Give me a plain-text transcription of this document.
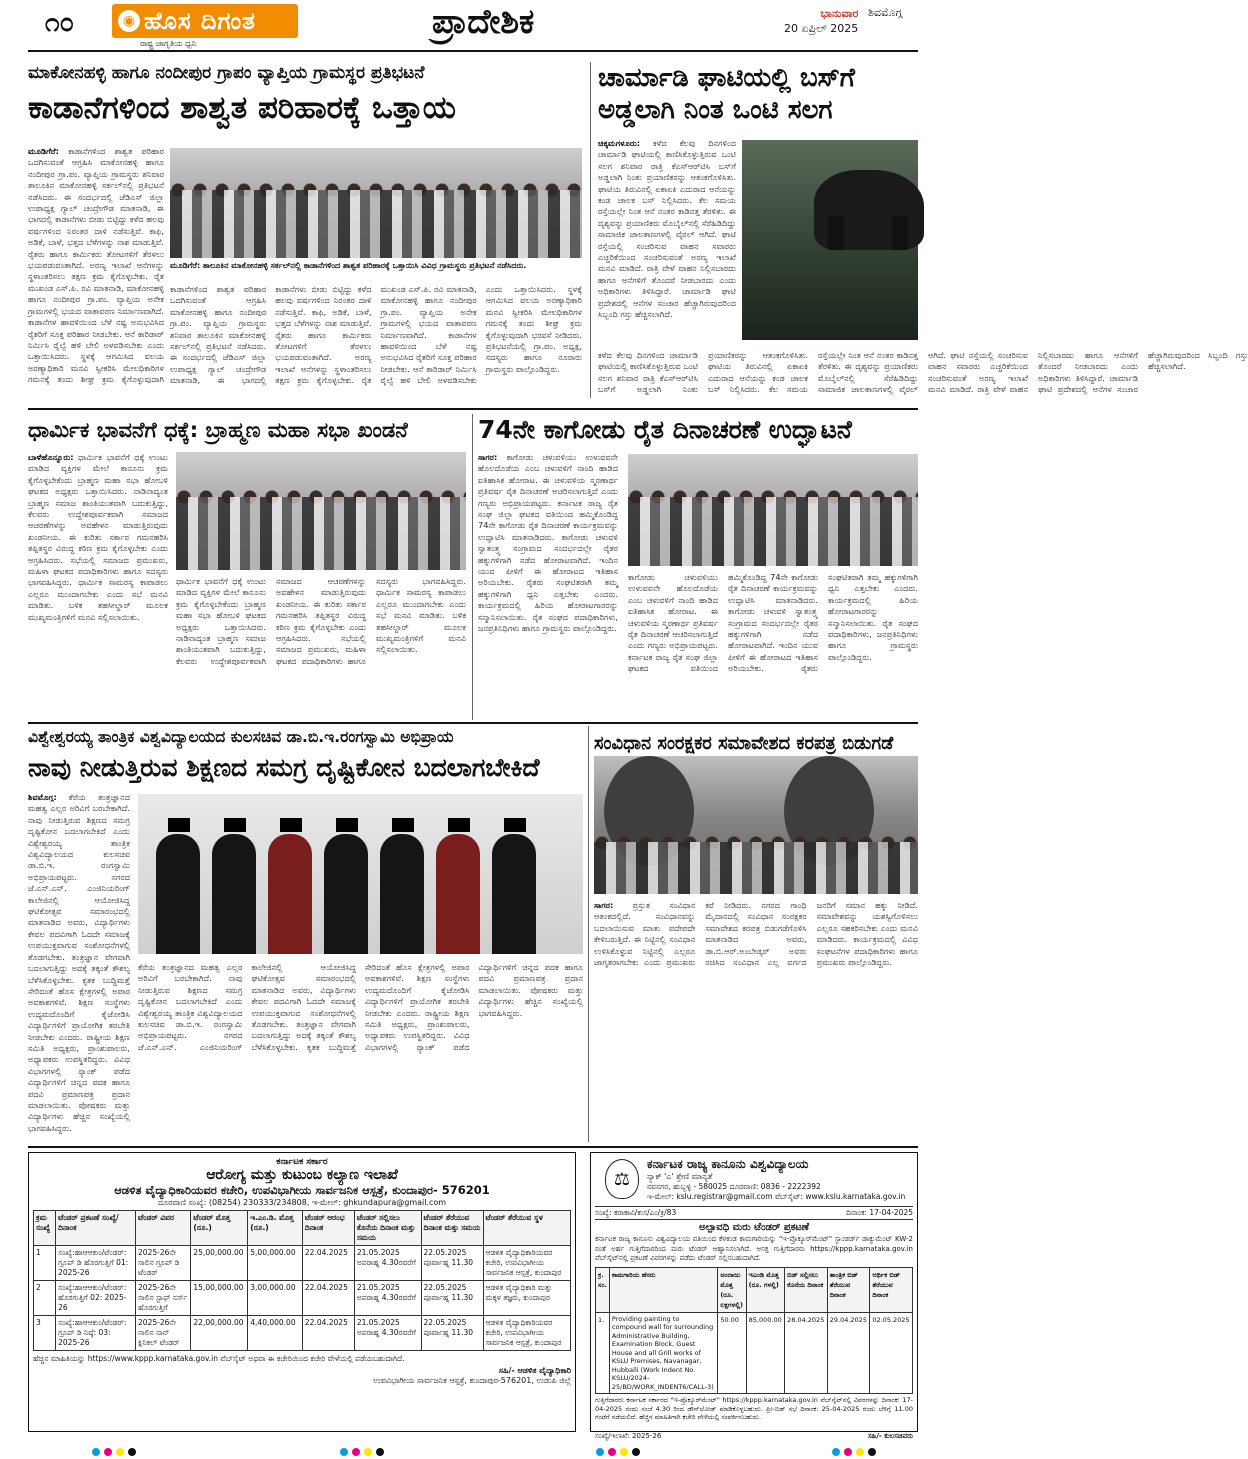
೧೦	◉ ಹೊಸ ದಿಗಂತ
ರಾಷ್ಟ್ರ ಜಾಗೃತಿಯ ಧ್ವನಿ
ಪ್ರಾದೇಶಿಕ	ಭಾನುವಾರ
20 ಏಪ್ರಿಲ್ 2025
ಶಿವಮೊಗ್ಗ
ಮಾಕೋನಹಳ್ಳಿ ಹಾಗೂ ನಂದೀಪುರ ಗ್ರಾಪಂ ವ್ಯಾಪ್ತಿಯ ಗ್ರಾಮಸ್ಥರ ಪ್ರತಿಭಟನೆ
ಕಾಡಾನೆಗಳಿಂದ ಶಾಶ್ವತ ಪರಿಹಾರಕ್ಕೆ ಒತ್ತಾಯ
ಮೂಡಿಗೆರೆ: ಕಾಡಾನೆಗಳಿಂದ ಶಾಶ್ವತ ಪರಿಹಾರ ಒದಗಿಸುವಂತೆ ಆಗ್ರಹಿಸಿ ಮಾಕೋನಹಳ್ಳಿ ಹಾಗೂ ನಂದೀಪುರ ಗ್ರಾ.ಪಂ. ವ್ಯಾಪ್ತಿಯ ಗ್ರಾಮಸ್ಥರು ಶನಿವಾರ ತಾಲೂಕಿನ ಮಾಕೋನಹಳ್ಳಿ ಸರ್ಕಲ್‌ನಲ್ಲಿ ಪ್ರತಿಭಟನೆ ನಡೆಸಿದರು. ಈ ಸಂದರ್ಭದಲ್ಲಿ ಜೆಡಿಎಸ್ ಜಿಲ್ಲಾ ಉಪಾಧ್ಯಕ್ಷ ಗ್ಯಾಲ್ ಚಂದ್ರೇಗೌಡ ಮಾತನಾಡಿ, ಈ ಭಾಗದಲ್ಲಿ ಕಾಡಾನೆಗಳು ಬೀಡು ಬಿಟ್ಟಿದ್ದು ಕಳೆದ ಹಲವು ವರ್ಷಗಳಿಂದ ನಿರಂತರ ದಾಳಿ ನಡೆಸುತ್ತಿವೆ. ಕಾಫಿ, ಅಡಿಕೆ, ಬಾಳೆ, ಭತ್ತದ ಬೆಳೆಗಳನ್ನು ನಾಶ ಮಾಡುತ್ತಿವೆ. ರೈತರು ಹಾಗೂ ಕಾರ್ಮಿಕರು ತೋಟಗಳಿಗೆ ತೆರಳಲು ಭಯಪಡುವಂತಾಗಿದೆ. ಅರಣ್ಯ ಇಲಾಖೆ ಆನೆಗಳನ್ನು ಸ್ಥಳಾಂತರಿಸಲು ತಕ್ಷಣ ಕ್ರಮ ಕೈಗೊಳ್ಳಬೇಕು. ರೈತ ಮುಖಂಡ ಎಸ್.ಪಿ. ರವಿ ಮಾತನಾಡಿ, ಮಾಕೋನಹಳ್ಳಿ ಹಾಗೂ ನಂದೀಪುರ ಗ್ರಾ.ಪಂ. ವ್ಯಾಪ್ತಿಯ ಅನೇಕ ಗ್ರಾಮಗಳಲ್ಲಿ ಭಯದ ವಾತಾವರಣ ನಿರ್ಮಾಣವಾಗಿದೆ. ಕಾಡಾನೆಗಳ ಹಾವಳಿಯಿಂದ ಬೆಳೆ ನಷ್ಟ ಅನುಭವಿಸಿದ ರೈತರಿಗೆ ಸೂಕ್ತ ಪರಿಹಾರ ನೀಡಬೇಕು. ಆನೆ ಕಾರಿಡಾರ್ ನಿರ್ಮಿಸಿ ರೈಲ್ವೆ ಹಳಿ ಬೇಲಿ ಅಳವಡಿಸಬೇಕು ಎಂದು ಒತ್ತಾಯಿಸಿದರು. ಸ್ಥಳಕ್ಕೆ ಆಗಮಿಸಿದ ವಲಯ ಅರಣ್ಯಾಧಿಕಾರಿ ಮನವಿ ಸ್ವೀಕರಿಸಿ ಮೇಲಧಿಕಾರಿಗಳ ಗಮನಕ್ಕೆ ತಂದು ಶೀಘ್ರ ಕ್ರಮ ಕೈಗೊಳ್ಳುವುದಾಗಿ
ಮೂಡಿಗೆರೆ: ತಾಲೂಕಿನ ಮಾಕೋನಹಳ್ಳಿ ಸರ್ಕಲ್‌ನಲ್ಲಿ ಕಾಡಾನೆಗಳಿಂದ ಶಾಶ್ವತ ಪರಿಹಾರಕ್ಕೆ ಒತ್ತಾಯಿಸಿ ವಿವಿಧ ಗ್ರಾಮಸ್ಥರು ಪ್ರತಿಭಟನೆ ನಡೆಸಿದರು.
ಕಾಡಾನೆಗಳಿಂದ ಶಾಶ್ವತ ಪರಿಹಾರ ಒದಗಿಸುವಂತೆ ಆಗ್ರಹಿಸಿ ಮಾಕೋನಹಳ್ಳಿ ಹಾಗೂ ನಂದೀಪುರ ಗ್ರಾ.ಪಂ. ವ್ಯಾಪ್ತಿಯ ಗ್ರಾಮಸ್ಥರು ಶನಿವಾರ ತಾಲೂಕಿನ ಮಾಕೋನಹಳ್ಳಿ ಸರ್ಕಲ್‌ನಲ್ಲಿ ಪ್ರತಿಭಟನೆ ನಡೆಸಿದರು. ಈ ಸಂದರ್ಭದಲ್ಲಿ ಜೆಡಿಎಸ್ ಜಿಲ್ಲಾ ಉಪಾಧ್ಯಕ್ಷ ಗ್ಯಾಲ್ ಚಂದ್ರೇಗೌಡ ಮಾತನಾಡಿ, ಈ ಭಾಗದಲ್ಲಿ ಕಾಡಾನೆಗಳು ಬೀಡು ಬಿಟ್ಟಿದ್ದು ಕಳೆದ ಹಲವು ವರ್ಷಗಳಿಂದ ನಿರಂತರ ದಾಳಿ ನಡೆಸುತ್ತಿವೆ. ಕಾಫಿ, ಅಡಿಕೆ, ಬಾಳೆ, ಭತ್ತದ ಬೆಳೆಗಳನ್ನು ನಾಶ ಮಾಡುತ್ತಿವೆ. ರೈತರು ಹಾಗೂ ಕಾರ್ಮಿಕರು ತೋಟಗಳಿಗೆ ತೆರಳಲು ಭಯಪಡುವಂತಾಗಿದೆ. ಅರಣ್ಯ ಇಲಾಖೆ ಆನೆಗಳನ್ನು ಸ್ಥಳಾಂತರಿಸಲು ತಕ್ಷಣ ಕ್ರಮ ಕೈಗೊಳ್ಳಬೇಕು. ರೈತ ಮುಖಂಡ ಎಸ್.ಪಿ. ರವಿ ಮಾತನಾಡಿ, ಮಾಕೋನಹಳ್ಳಿ ಹಾಗೂ ನಂದೀಪುರ ಗ್ರಾ.ಪಂ. ವ್ಯಾಪ್ತಿಯ ಅನೇಕ ಗ್ರಾಮಗಳಲ್ಲಿ ಭಯದ ವಾತಾವರಣ ನಿರ್ಮಾಣವಾಗಿದೆ. ಕಾಡಾನೆಗಳ ಹಾವಳಿಯಿಂದ ಬೆಳೆ ನಷ್ಟ ಅನುಭವಿಸಿದ ರೈತರಿಗೆ ಸೂಕ್ತ ಪರಿಹಾರ ನೀಡಬೇಕು. ಆನೆ ಕಾರಿಡಾರ್ ನಿರ್ಮಿಸಿ ರೈಲ್ವೆ ಹಳಿ ಬೇಲಿ ಅಳವಡಿಸಬೇಕು ಎಂದು ಒತ್ತಾಯಿಸಿದರು. ಸ್ಥಳಕ್ಕೆ ಆಗಮಿಸಿದ ವಲಯ ಅರಣ್ಯಾಧಿಕಾರಿ ಮನವಿ ಸ್ವೀಕರಿಸಿ ಮೇಲಧಿಕಾರಿಗಳ ಗಮನಕ್ಕೆ ತಂದು ಶೀಘ್ರ ಕ್ರಮ ಕೈಗೊಳ್ಳುವುದಾಗಿ ಭರವಸೆ ನೀಡಿದರು. ಪ್ರತಿಭಟನೆಯಲ್ಲಿ ಗ್ರಾ.ಪಂ. ಅಧ್ಯಕ್ಷ, ಸದಸ್ಯರು ಹಾಗೂ ನೂರಾರು ಗ್ರಾಮಸ್ಥರು ಪಾಲ್ಗೊಂಡಿದ್ದರು.
ಚಾರ್ಮಾಡಿ ಘಾಟಿಯಲ್ಲಿ ಬಸ್‌ಗೆ
ಅಡ್ಡಲಾಗಿ ನಿಂತ ಒಂಟಿ ಸಲಗ
ಚಿಕ್ಕಮಗಳೂರು: ಕಳೆದ ಕೆಲವು ದಿನಗಳಿಂದ ಚಾರ್ಮಾಡಿ ಘಾಟಿಯಲ್ಲಿ ಕಾಣಿಸಿಕೊಳ್ಳುತ್ತಿರುವ ಒಂಟಿ ಸಲಗ ಶನಿವಾರ ರಾತ್ರಿ ಕೆಎಸ್‌ಆರ್‌ಟಿಸಿ ಬಸ್‌ಗೆ ಅಡ್ಡಲಾಗಿ ನಿಂತು ಪ್ರಯಾಣಿಕರನ್ನು ಆತಂಕಗೊಳಿಸಿತು. ಘಾಟಿಯ ತಿರುವಿನಲ್ಲಿ ಏಕಾಏಕಿ ಎದುರಾದ ಆನೆಯನ್ನು ಕಂಡ ಚಾಲಕ ಬಸ್ ನಿಲ್ಲಿಸಿದರು. ಕೆಲ ಸಮಯ ರಸ್ತೆಯಲ್ಲೇ ನಿಂತ ಆನೆ ನಂತರ ಕಾಡಿನತ್ತ ತೆರಳಿತು. ಈ ದೃಶ್ಯವನ್ನು ಪ್ರಯಾಣಿಕರು ಮೊಬೈಲ್‌ನಲ್ಲಿ ಸೆರೆಹಿಡಿದಿದ್ದು ಸಾಮಾಜಿಕ ಜಾಲತಾಣಗಳಲ್ಲಿ ವೈರಲ್ ಆಗಿದೆ. ಘಾಟಿ ರಸ್ತೆಯಲ್ಲಿ ಸಂಚರಿಸುವ ವಾಹನ ಸವಾರರು ಎಚ್ಚರಿಕೆಯಿಂದ ಸಂಚರಿಸುವಂತೆ ಅರಣ್ಯ ಇಲಾಖೆ ಮನವಿ ಮಾಡಿದೆ. ರಾತ್ರಿ ವೇಳೆ ವಾಹನ ನಿಲ್ಲಿಸಬಾರದು ಹಾಗೂ ಆನೆಗಳಿಗೆ ತೊಂದರೆ ನೀಡಬಾರದು ಎಂದು ಅಧಿಕಾರಿಗಳು ತಿಳಿಸಿದ್ದಾರೆ. ಚಾರ್ಮಾಡಿ ಘಾಟಿ ಪ್ರದೇಶದಲ್ಲಿ ಆನೆಗಳ ಸಂಚಾರ ಹೆಚ್ಚಾಗಿರುವುದರಿಂದ ಸಿಬ್ಬಂದಿ ಗಸ್ತು ಹೆಚ್ಚಿಸಲಾಗಿದೆ.
ಕಳೆದ ಕೆಲವು ದಿನಗಳಿಂದ ಚಾರ್ಮಾಡಿ ಘಾಟಿಯಲ್ಲಿ ಕಾಣಿಸಿಕೊಳ್ಳುತ್ತಿರುವ ಒಂಟಿ ಸಲಗ ಶನಿವಾರ ರಾತ್ರಿ ಕೆಎಸ್‌ಆರ್‌ಟಿಸಿ ಬಸ್‌ಗೆ ಅಡ್ಡಲಾಗಿ ನಿಂತು ಪ್ರಯಾಣಿಕರನ್ನು ಆತಂಕಗೊಳಿಸಿತು. ಘಾಟಿಯ ತಿರುವಿನಲ್ಲಿ ಏಕಾಏಕಿ ಎದುರಾದ ಆನೆಯನ್ನು ಕಂಡ ಚಾಲಕ ಬಸ್ ನಿಲ್ಲಿಸಿದರು. ಕೆಲ ಸಮಯ ರಸ್ತೆಯಲ್ಲೇ ನಿಂತ ಆನೆ ನಂತರ ಕಾಡಿನತ್ತ ತೆರಳಿತು. ಈ ದೃಶ್ಯವನ್ನು ಪ್ರಯಾಣಿಕರು ಮೊಬೈಲ್‌ನಲ್ಲಿ ಸೆರೆಹಿಡಿದಿದ್ದು ಸಾಮಾಜಿಕ ಜಾಲತಾಣಗಳಲ್ಲಿ ವೈರಲ್ ಆಗಿದೆ. ಘಾಟಿ ರಸ್ತೆಯಲ್ಲಿ ಸಂಚರಿಸುವ ವಾಹನ ಸವಾರರು ಎಚ್ಚರಿಕೆಯಿಂದ ಸಂಚರಿಸುವಂತೆ ಅರಣ್ಯ ಇಲಾಖೆ ಮನವಿ ಮಾಡಿದೆ. ರಾತ್ರಿ ವೇಳೆ ವಾಹನ ನಿಲ್ಲಿಸಬಾರದು ಹಾಗೂ ಆನೆಗಳಿಗೆ ತೊಂದರೆ ನೀಡಬಾರದು ಎಂದು ಅಧಿಕಾರಿಗಳು ತಿಳಿಸಿದ್ದಾರೆ. ಚಾರ್ಮಾಡಿ ಘಾಟಿ ಪ್ರದೇಶದಲ್ಲಿ ಆನೆಗಳ ಸಂಚಾರ ಹೆಚ್ಚಾಗಿರುವುದರಿಂದ ಸಿಬ್ಬಂದಿ ಗಸ್ತು ಹೆಚ್ಚಿಸಲಾಗಿದೆ.
ಧಾರ್ಮಿಕ ಭಾವನೆಗೆ ಧಕ್ಕೆ: ಬ್ರಾಹ್ಮಣ ಮಹಾ ಸಭಾ ಖಂಡನೆ
ಬಾಳೆಹೊನ್ನೂರು: ಧಾರ್ಮಿಕ ಭಾವನೆಗೆ ಧಕ್ಕೆ ಉಂಟು ಮಾಡಿದ ವ್ಯಕ್ತಿಗಳ ಮೇಲೆ ಕಾನೂನು ಕ್ರಮ ಕೈಗೊಳ್ಳಬೇಕೆಂದು ಬ್ರಾಹ್ಮಣ ಮಹಾ ಸಭಾ ಹೋಬಳಿ ಘಟಕದ ಅಧ್ಯಕ್ಷರು ಒತ್ತಾಯಿಸಿದರು. ನಾಡಿನಾದ್ಯಂತ ಬ್ರಾಹ್ಮಣ ಸಮಾಜ ಶಾಂತಿಯುತವಾಗಿ ಬದುಕುತ್ತಿದ್ದು, ಕೆಲವರು ಉದ್ದೇಶಪೂರ್ವಕವಾಗಿ ಸಮಾಜದ ಆಚರಣೆಗಳನ್ನು ಅವಹೇಳನ ಮಾಡುತ್ತಿರುವುದು ಖಂಡನೀಯ. ಈ ಕುರಿತು ಸರ್ಕಾರ ಗಮನಹರಿಸಿ ತಪ್ಪಿತಸ್ಥರ ವಿರುದ್ಧ ಕಠಿಣ ಕ್ರಮ ಕೈಗೊಳ್ಳಬೇಕು ಎಂದು ಆಗ್ರಹಿಸಿದರು. ಸಭೆಯಲ್ಲಿ ಸಮಾಜದ ಪ್ರಮುಖರು, ಮಹಿಳಾ ಘಟಕದ ಪದಾಧಿಕಾರಿಗಳು ಹಾಗೂ ಸದಸ್ಯರು ಭಾಗವಹಿಸಿದ್ದರು. ಧಾರ್ಮಿಕ ಸಾಮರಸ್ಯ ಕಾಪಾಡಲು ಎಲ್ಲರೂ ಮುಂದಾಗಬೇಕು ಎಂದು ಸಭೆ ಮನವಿ ಮಾಡಿತು. ಬಳಿಕ ತಹಸೀಲ್ದಾರ್ ಮೂಲಕ ಮುಖ್ಯಮಂತ್ರಿಗಳಿಗೆ ಮನವಿ ಸಲ್ಲಿಸಲಾಯಿತು.
ಧಾರ್ಮಿಕ ಭಾವನೆಗೆ ಧಕ್ಕೆ ಉಂಟು ಮಾಡಿದ ವ್ಯಕ್ತಿಗಳ ಮೇಲೆ ಕಾನೂನು ಕ್ರಮ ಕೈಗೊಳ್ಳಬೇಕೆಂದು ಬ್ರಾಹ್ಮಣ ಮಹಾ ಸಭಾ ಹೋಬಳಿ ಘಟಕದ ಅಧ್ಯಕ್ಷರು ಒತ್ತಾಯಿಸಿದರು. ನಾಡಿನಾದ್ಯಂತ ಬ್ರಾಹ್ಮಣ ಸಮಾಜ ಶಾಂತಿಯುತವಾಗಿ ಬದುಕುತ್ತಿದ್ದು, ಕೆಲವರು ಉದ್ದೇಶಪೂರ್ವಕವಾಗಿ ಸಮಾಜದ ಆಚರಣೆಗಳನ್ನು ಅವಹೇಳನ ಮಾಡುತ್ತಿರುವುದು ಖಂಡನೀಯ. ಈ ಕುರಿತು ಸರ್ಕಾರ ಗಮನಹರಿಸಿ ತಪ್ಪಿತಸ್ಥರ ವಿರುದ್ಧ ಕಠಿಣ ಕ್ರಮ ಕೈಗೊಳ್ಳಬೇಕು ಎಂದು ಆಗ್ರಹಿಸಿದರು. ಸಭೆಯಲ್ಲಿ ಸಮಾಜದ ಪ್ರಮುಖರು, ಮಹಿಳಾ ಘಟಕದ ಪದಾಧಿಕಾರಿಗಳು ಹಾಗೂ ಸದಸ್ಯರು ಭಾಗವಹಿಸಿದ್ದರು. ಧಾರ್ಮಿಕ ಸಾಮರಸ್ಯ ಕಾಪಾಡಲು ಎಲ್ಲರೂ ಮುಂದಾಗಬೇಕು ಎಂದು ಸಭೆ ಮನವಿ ಮಾಡಿತು. ಬಳಿಕ ತಹಸೀಲ್ದಾರ್ ಮೂಲಕ ಮುಖ್ಯಮಂತ್ರಿಗಳಿಗೆ ಮನವಿ ಸಲ್ಲಿಸಲಾಯಿತು.
74ನೇ ಕಾಗೋಡು ರೈತ ದಿನಾಚರಣೆ ಉದ್ಘಾಟನೆ
ಸಾಗರ: ಕಾಗೋಡು ಚಳುವಳಿಯು ಉಳುವವನೇ ಹೊಲದೊಡೆಯ ಎಂಬ ಚಳುವಳಿಗೆ ನಾಂದಿ ಹಾಡಿದ ಐತಿಹಾಸಿಕ ಹೋರಾಟ. ಈ ಚಳುವಳಿಯ ಸ್ಮರಣಾರ್ಥ ಪ್ರತಿವರ್ಷ ರೈತ ದಿನಾಚರಣೆ ಆಚರಿಸಲಾಗುತ್ತಿದೆ ಎಂದು ಗಣ್ಯರು ಅಭಿಪ್ರಾಯಪಟ್ಟರು. ಕರ್ನಾಟಕ ರಾಜ್ಯ ರೈತ ಸಂಘ ಜಿಲ್ಲಾ ಘಟಕದ ವತಿಯಿಂದ ಹಮ್ಮಿಕೊಂಡಿದ್ದ 74ನೇ ಕಾಗೋಡು ರೈತ ದಿನಾಚರಣೆ ಕಾರ್ಯಕ್ರಮವನ್ನು ಉದ್ಘಾಟಿಸಿ ಮಾತನಾಡಿದರು. ಕಾಗೋಡು ಚಳುವಳಿ ಸ್ವಾತಂತ್ರ್ಯ ಸಂಗ್ರಾಮದ ಸಂದರ್ಭದಲ್ಲೇ ರೈತರ ಹಕ್ಕುಗಳಿಗಾಗಿ ನಡೆದ ಹೋರಾಟವಾಗಿದೆ. ಇಂದಿನ ಯುವ ಪೀಳಿಗೆ ಈ ಹೋರಾಟದ ಇತಿಹಾಸ ಅರಿಯಬೇಕು. ರೈತರು ಸಂಘಟಿತರಾಗಿ ತಮ್ಮ ಹಕ್ಕುಗಳಿಗಾಗಿ ಧ್ವನಿ ಎತ್ತಬೇಕು ಎಂದರು. ಕಾರ್ಯಕ್ರಮದಲ್ಲಿ ಹಿರಿಯ ಹೋರಾಟಗಾರರನ್ನು ಸನ್ಮಾನಿಸಲಾಯಿತು. ರೈತ ಸಂಘದ ಪದಾಧಿಕಾರಿಗಳು, ಜನಪ್ರತಿನಿಧಿಗಳು ಹಾಗೂ ಗ್ರಾಮಸ್ಥರು ಪಾಲ್ಗೊಂಡಿದ್ದರು.
ಕಾಗೋಡು ಚಳುವಳಿಯು ಉಳುವವನೇ ಹೊಲದೊಡೆಯ ಎಂಬ ಚಳುವಳಿಗೆ ನಾಂದಿ ಹಾಡಿದ ಐತಿಹಾಸಿಕ ಹೋರಾಟ. ಈ ಚಳುವಳಿಯ ಸ್ಮರಣಾರ್ಥ ಪ್ರತಿವರ್ಷ ರೈತ ದಿನಾಚರಣೆ ಆಚರಿಸಲಾಗುತ್ತಿದೆ ಎಂದು ಗಣ್ಯರು ಅಭಿಪ್ರಾಯಪಟ್ಟರು. ಕರ್ನಾಟಕ ರಾಜ್ಯ ರೈತ ಸಂಘ ಜಿಲ್ಲಾ ಘಟಕದ ವತಿಯಿಂದ ಹಮ್ಮಿಕೊಂಡಿದ್ದ 74ನೇ ಕಾಗೋಡು ರೈತ ದಿನಾಚರಣೆ ಕಾರ್ಯಕ್ರಮವನ್ನು ಉದ್ಘಾಟಿಸಿ ಮಾತನಾಡಿದರು. ಕಾಗೋಡು ಚಳುವಳಿ ಸ್ವಾತಂತ್ರ್ಯ ಸಂಗ್ರಾಮದ ಸಂದರ್ಭದಲ್ಲೇ ರೈತರ ಹಕ್ಕುಗಳಿಗಾಗಿ ನಡೆದ ಹೋರಾಟವಾಗಿದೆ. ಇಂದಿನ ಯುವ ಪೀಳಿಗೆ ಈ ಹೋರಾಟದ ಇತಿಹಾಸ ಅರಿಯಬೇಕು. ರೈತರು ಸಂಘಟಿತರಾಗಿ ತಮ್ಮ ಹಕ್ಕುಗಳಿಗಾಗಿ ಧ್ವನಿ ಎತ್ತಬೇಕು ಎಂದರು. ಕಾರ್ಯಕ್ರಮದಲ್ಲಿ ಹಿರಿಯ ಹೋರಾಟಗಾರರನ್ನು ಸನ್ಮಾನಿಸಲಾಯಿತು. ರೈತ ಸಂಘದ ಪದಾಧಿಕಾರಿಗಳು, ಜನಪ್ರತಿನಿಧಿಗಳು ಹಾಗೂ ಗ್ರಾಮಸ್ಥರು ಪಾಲ್ಗೊಂಡಿದ್ದರು.
ವಿಶ್ವೇಶ್ವರಯ್ಯ ತಾಂತ್ರಿಕ ವಿಶ್ವವಿದ್ಯಾಲಯದ ಕುಲಸಚಿವ ಡಾ.ಬಿ.ಇ.ರಂಗಸ್ವಾಮಿ ಅಭಿಪ್ರಾಯ
ನಾವು ನೀಡುತ್ತಿರುವ ಶಿಕ್ಷಣದ ಸಮಗ್ರ ದೃಷ್ಟಿಕೋನ ಬದಲಾಗಬೇಕಿದೆ
ಶಿವಮೊಗ್ಗ: ಕೆರೆಯ ತಂತ್ರಜ್ಞಾನದ ಮಹತ್ವ ಎಲ್ಲರ ಅರಿವಿಗೆ ಬರಬೇಕಾಗಿದೆ. ನಾವು ನೀಡುತ್ತಿರುವ ಶಿಕ್ಷಣದ ಸಮಗ್ರ ದೃಷ್ಟಿಕೋನ ಬದಲಾಗಬೇಕಿದೆ ಎಂದು ವಿಶ್ವೇಶ್ವರಯ್ಯ ತಾಂತ್ರಿಕ ವಿಶ್ವವಿದ್ಯಾಲಯದ ಕುಲಸಚಿವ ಡಾ.ಬಿ.ಇ. ರಂಗಸ್ವಾಮಿ ಅಭಿಪ್ರಾಯಪಟ್ಟರು. ನಗರದ ಜೆ.ಎನ್.ಎನ್. ಎಂಜಿನಿಯರಿಂಗ್ ಕಾಲೇಜಿನಲ್ಲಿ ಆಯೋಜಿಸಿದ್ದ ಘಟಿಕೋತ್ಸವ ಸಮಾರಂಭದಲ್ಲಿ ಮಾತನಾಡಿದ ಅವರು, ವಿದ್ಯಾರ್ಥಿಗಳು ಕೇವಲ ಪದವಿಗಾಗಿ ಓದದೇ ಸಮಾಜಕ್ಕೆ ಉಪಯುಕ್ತವಾಗುವ ಸಂಶೋಧನೆಗಳಲ್ಲಿ ತೊಡಗಬೇಕು. ತಂತ್ರಜ್ಞಾನ ವೇಗವಾಗಿ ಬದಲಾಗುತ್ತಿದ್ದು ಅದಕ್ಕೆ ತಕ್ಕಂತೆ ಕೌಶಲ್ಯ ಬೆಳೆಸಿಕೊಳ್ಳಬೇಕು. ಕೃತಕ ಬುದ್ಧಿಮತ್ತೆ ಸೇರಿದಂತೆ ಹೊಸ ಕ್ಷೇತ್ರಗಳಲ್ಲಿ ಅಪಾರ ಅವಕಾಶಗಳಿವೆ. ಶಿಕ್ಷಣ ಸಂಸ್ಥೆಗಳು ಉದ್ಯಮದೊಂದಿಗೆ ಕೈಜೋಡಿಸಿ ವಿದ್ಯಾರ್ಥಿಗಳಿಗೆ ಪ್ರಾಯೋಗಿಕ ತರಬೇತಿ ನೀಡಬೇಕು ಎಂದರು. ರಾಷ್ಟ್ರೀಯ ಶಿಕ್ಷಣ ಸಮಿತಿ ಅಧ್ಯಕ್ಷರು, ಪ್ರಾಂಶುಪಾಲರು, ಅಧ್ಯಾಪಕರು ಉಪಸ್ಥಿತರಿದ್ದರು. ವಿವಿಧ ವಿಭಾಗಗಳಲ್ಲಿ ರ‍್ಯಾಂಕ್ ಪಡೆದ ವಿದ್ಯಾರ್ಥಿಗಳಿಗೆ ಚಿನ್ನದ ಪದಕ ಹಾಗೂ ಪದವಿ ಪ್ರಮಾಣಪತ್ರ ಪ್ರದಾನ ಮಾಡಲಾಯಿತು. ಪೋಷಕರು ಮತ್ತು ವಿದ್ಯಾರ್ಥಿಗಳು ಹೆಚ್ಚಿನ ಸಂಖ್ಯೆಯಲ್ಲಿ ಭಾಗವಹಿಸಿದ್ದರು.
ಕೆರೆಯ ತಂತ್ರಜ್ಞಾನದ ಮಹತ್ವ ಎಲ್ಲರ ಅರಿವಿಗೆ ಬರಬೇಕಾಗಿದೆ. ನಾವು ನೀಡುತ್ತಿರುವ ಶಿಕ್ಷಣದ ಸಮಗ್ರ ದೃಷ್ಟಿಕೋನ ಬದಲಾಗಬೇಕಿದೆ ಎಂದು ವಿಶ್ವೇಶ್ವರಯ್ಯ ತಾಂತ್ರಿಕ ವಿಶ್ವವಿದ್ಯಾಲಯದ ಕುಲಸಚಿವ ಡಾ.ಬಿ.ಇ. ರಂಗಸ್ವಾಮಿ ಅಭಿಪ್ರಾಯಪಟ್ಟರು. ನಗರದ ಜೆ.ಎನ್.ಎನ್. ಎಂಜಿನಿಯರಿಂಗ್ ಕಾಲೇಜಿನಲ್ಲಿ ಆಯೋಜಿಸಿದ್ದ ಘಟಿಕೋತ್ಸವ ಸಮಾರಂಭದಲ್ಲಿ ಮಾತನಾಡಿದ ಅವರು, ವಿದ್ಯಾರ್ಥಿಗಳು ಕೇವಲ ಪದವಿಗಾಗಿ ಓದದೇ ಸಮಾಜಕ್ಕೆ ಉಪಯುಕ್ತವಾಗುವ ಸಂಶೋಧನೆಗಳಲ್ಲಿ ತೊಡಗಬೇಕು. ತಂತ್ರಜ್ಞಾನ ವೇಗವಾಗಿ ಬದಲಾಗುತ್ತಿದ್ದು ಅದಕ್ಕೆ ತಕ್ಕಂತೆ ಕೌಶಲ್ಯ ಬೆಳೆಸಿಕೊಳ್ಳಬೇಕು. ಕೃತಕ ಬುದ್ಧಿಮತ್ತೆ ಸೇರಿದಂತೆ ಹೊಸ ಕ್ಷೇತ್ರಗಳಲ್ಲಿ ಅಪಾರ ಅವಕಾಶಗಳಿವೆ. ಶಿಕ್ಷಣ ಸಂಸ್ಥೆಗಳು ಉದ್ಯಮದೊಂದಿಗೆ ಕೈಜೋಡಿಸಿ ವಿದ್ಯಾರ್ಥಿಗಳಿಗೆ ಪ್ರಾಯೋಗಿಕ ತರಬೇತಿ ನೀಡಬೇಕು ಎಂದರು. ರಾಷ್ಟ್ರೀಯ ಶಿಕ್ಷಣ ಸಮಿತಿ ಅಧ್ಯಕ್ಷರು, ಪ್ರಾಂಶುಪಾಲರು, ಅಧ್ಯಾಪಕರು ಉಪಸ್ಥಿತರಿದ್ದರು. ವಿವಿಧ ವಿಭಾಗಗಳಲ್ಲಿ ರ‍್ಯಾಂಕ್ ಪಡೆದ ವಿದ್ಯಾರ್ಥಿಗಳಿಗೆ ಚಿನ್ನದ ಪದಕ ಹಾಗೂ ಪದವಿ ಪ್ರಮಾಣಪತ್ರ ಪ್ರದಾನ ಮಾಡಲಾಯಿತು. ಪೋಷಕರು ಮತ್ತು ವಿದ್ಯಾರ್ಥಿಗಳು ಹೆಚ್ಚಿನ ಸಂಖ್ಯೆಯಲ್ಲಿ ಭಾಗವಹಿಸಿದ್ದರು.
ಸಂವಿಧಾನ ಸಂರಕ್ಷಕರ ಸಮಾವೇಶದ ಕರಪತ್ರ ಬಿಡುಗಡೆ
ಸಾಗರ: ಪ್ರಸ್ತುತ ಸಂವಿಧಾನ ಆತಂಕದಲ್ಲಿದೆ. ಸಂವಿಧಾನವನ್ನು ಬದಲಾಯಿಸುವ ಮಾತು ಪದೇಪದೇ ಕೇಳಿಬರುತ್ತಿದೆ. ಈ ನಿಟ್ಟಿನಲ್ಲಿ ಸಂವಿಧಾನ ಉಳಿಸಿಕೊಳ್ಳುವ ನಿಟ್ಟಿನಲ್ಲಿ ಎಲ್ಲರೂ ಜಾಗೃತರಾಗಬೇಕು ಎಂದು ಪ್ರಮುಖರು ಕರೆ ನೀಡಿದರು. ನಗರದ ಗಾಂಧಿ ಮೈದಾನದಲ್ಲಿ ಸಂವಿಧಾನ ಸಂರಕ್ಷಕರ ಸಮಾವೇಶದ ಕರಪತ್ರ ಬಿಡುಗಡೆಗೊಳಿಸಿ ಮಾತನಾಡಿದ ಅವರು, ಡಾ.ಬಿ.ಆರ್.ಅಂಬೇಡ್ಕರ್ ಅವರು ರಚಿಸಿದ ಸಂವಿಧಾನ ಎಲ್ಲ ವರ್ಗದ ಜನರಿಗೆ ಸಮಾನ ಹಕ್ಕು ನೀಡಿದೆ. ಸಮಾವೇಶವನ್ನು ಯಶಸ್ವಿಗೊಳಿಸಲು ಎಲ್ಲರೂ ಸಹಕರಿಸಬೇಕು ಎಂದು ಮನವಿ ಮಾಡಿದರು. ಕಾರ್ಯಕ್ರಮದಲ್ಲಿ ವಿವಿಧ ಸಂಘಟನೆಗಳ ಪದಾಧಿಕಾರಿಗಳು ಹಾಗೂ ಪ್ರಮುಖರು ಪಾಲ್ಗೊಂಡಿದ್ದರು.
ಕರ್ನಾಟಕ ಸರ್ಕಾರ
ಆರೋಗ್ಯ ಮತ್ತು ಕುಟುಂಬ ಕಲ್ಯಾಣ ಇಲಾಖೆ
ಆಡಳಿತ ವೈದ್ಯಾಧಿಕಾರಿಯವರ ಕಚೇರಿ, ಉಪವಿಭಾಗೀಯ ಸಾರ್ವಜನಿಕ ಆಸ್ಪತ್ರೆ, ಕುಂದಾಪುರ- 576201
ದೂರವಾಣಿ ಸಂಖ್ಯೆ: (08254) 230333/234808, ಇ-ಮೇಲ್: ghkundapura@gmail.com
ಕ್ರಮ ಸಂಖ್ಯೆ	ಟೆಂಡರ್ ಪ್ರಕಟಣೆ ಸಂಖ್ಯೆ/ ದಿನಾಂಕ	ಟೆಂಡರ್ ವಿವರ	ಟೆಂಡರ್ ಮೊತ್ತ (ರೂ.)	ಇ.ಎಂ.ಡಿ. ಮೊತ್ತ (ರೂ.)	ಟೆಂಡರ್ ಆರಂಭ ದಿನಾಂಕ	ಟೆಂಡರ್ ಸಲ್ಲಿಸಲು ಕೊನೆಯ ದಿನಾಂಕ ಮತ್ತು ಸಮಯ	ಟೆಂಡರ್ ತೆರೆಯುವ ದಿನಾಂಕ ಮತ್ತು ಸಮಯ	ಟೆಂಡರ್ ತೆರೆಯುವ ಸ್ಥಳ
1	ಸಂಖ್ಯೆ:ಹಾಆಆಕುಂ/ಟೆಂಡರ್: ಗ್ರೂಪ್ ಡಿ ಹೊರಗುತ್ತಿಗೆ 01: 2025-26	2025-26ನೇ ಸಾಲಿನ ಗ್ರೂಪ್ ಡಿ ಟೆಂಡರ್	25,00,000.00	5,00,000.00	22.04.2025	21.05.2025 ಅಪರಾಹ್ನ 4.30ರವರೆಗೆ	22.05.2025 ಪೂರ್ವಾಹ್ನ 11.30	ಆಡಳಿತ ವೈದ್ಯಾಧಿಕಾರಿಯವರ ಕಚೇರಿ, ಉಪವಿಭಾಗೀಯ ಸಾರ್ವಜನಿಕ ಆಸ್ಪತ್ರೆ, ಕುಂದಾಪುರ
2	ಸಂಖ್ಯೆ:ಹಾಆಆಕುಂ/ಟೆಂಡರ್: ಹೊರಗುತ್ತಿಗೆ 02: 2025-26	2025-26ನೇ ಸಾಲಿನ ಸ್ಟಾಫ್ ನರ್ಸ್ ಹೊರಗುತ್ತಿಗೆ	15,00,000.00	3,00,000.00	22.04.2025	21.05.2025 ಅಪರಾಹ್ನ 4.30ರವರೆಗೆ	22.05.2025 ಪೂರ್ವಾಹ್ನ 11.30	ಆಡಳಿತ ವೈದ್ಯಾಧಿಕಾರಿ ಮತ್ತು ಮಕ್ಕಳ ತಜ್ಞರು, ಕುಂದಾಪುರ
3	ಸಂಖ್ಯೆ:ಹಾಆಆಕುಂ/ಟೆಂಡರ್: ಗ್ರೂಪ್ ಡಿ ನಿಷ್ಠೆ: 03: 2025-26	2025-26ನೇ ಸಾಲಿನ ನಾನ್ ಕ್ಲಿನಿಕಲ್ ಟೆಂಡರ್	22,00,000.00	4,40,000.00	22.04.2025	21.05.2025 ಅಪರಾಹ್ನ 4.30ರವರೆಗೆ	22.05.2025 ಪೂರ್ವಾಹ್ನ 11.30	ಆಡಳಿತ ವೈದ್ಯಾಧಿಕಾರಿಯವರ ಕಚೇರಿ, ಉಪವಿಭಾಗೀಯ ಸಾರ್ವಜನಿಕ ಆಸ್ಪತ್ರೆ, ಕುಂದಾಪುರ
ಹೆಚ್ಚಿನ ಮಾಹಿತಿಯನ್ನು https://www.kppp.karnataka.gov.in ವೆಬ್‌ಸೈಟ್ ಅಥವಾ ಈ ಕಚೇರಿಯಿಂದ ಕಚೇರಿ ವೇಳೆಯಲ್ಲಿ ಪಡೆಯಬಹುದಾಗಿದೆ.
ಸಹಿ/- ಆಡಳಿತ ವೈದ್ಯಾಧಿಕಾರಿ
ಉಪವಿಭಾಗೀಯ ಸಾರ್ವಜನಿಕ ಆಸ್ಪತ್ರೆ, ಕುಂದಾಪುರ-576201, ಉಡುಪಿ ಜಿಲ್ಲೆ
⚖
ಕರ್ನಾಟಕ ರಾಜ್ಯ ಕಾನೂನು ವಿಶ್ವವಿದ್ಯಾಲಯ
ನ್ಯಾಕ್ 'ಎ' ಶ್ರೇಣಿ ಮಾನ್ಯತೆ
ನವನಗರ, ಹುಬ್ಬಳ್ಳಿ - 580025 ದೂರವಾಣಿ: 0836 - 2222392
ಇ-ಮೇಲ್: kslu.registrar@gmail.com ವೆಬ್‌ಸೈಟ್: www.kslu.karnataka.gov.in
ಸಂಖ್ಯೆ: ಕರಾಕಾವಿ/ಕುಸ/ಎಂ/ಕ್ರಿ/83	ದಿನಾಂಕ: 17-04-2025
ಅಲ್ಪಾವಧಿ ಮರು ಟೆಂಡರ್ ಪ್ರಕಟಣೆ
ಕರ್ನಾಟಕ ರಾಜ್ಯ ಕಾನೂನು ವಿಶ್ವವಿದ್ಯಾಲಯ ವತಿಯಿಂದ ಕೆಳಕಂಡ ಕಾಮಗಾರಿಯನ್ನು "ಇ-ಪ್ರೊಕ್ಯೂರ್‌ಮೆಂಟ್" ಸ್ಟಾಂಡರ್ಡ್ ಡಾಕ್ಯುಮೆಂಟ್ KW-2 ರಂತೆ ಅರ್ಹ ಗುತ್ತಿಗೆದಾರರಿಂದ ಮರು ಟೆಂಡರ್ ಆಹ್ವಾನಿಸಲಾಗಿದೆ. ಆಸಕ್ತ ಗುತ್ತಿಗೆದಾರರು https://kppp.karnataka.gov.in ವೆಬ್‌ಸೈಟ್‌ನಲ್ಲಿ ಪ್ರಕಟಣೆ ವಿವರಗಳನ್ನು ಪಡೆದು ಟೆಂಡರ್ ಸಲ್ಲಿಸಬಹುದಾಗಿದೆ.
ಕ್ರ. ಸಂ.	ಕಾಮಗಾರಿಯ ಹೆಸರು	ಅಂದಾಜು ಮೊತ್ತ (ರೂ. ಲಕ್ಷಗಳಲ್ಲಿ)	ಇಎಂಡಿ ಮೊತ್ತ (ರೂ. ಗಳಲ್ಲಿ)	ಬಿಡ್ ಸಲ್ಲಿಸಲು ಕೊನೆಯ ದಿನಾಂಕ	ತಾಂತ್ರಿಕ ಬಿಡ್ ತೆರೆಯುವ ದಿನಾಂಕ	ಆರ್ಥಿಕ ಬಿಡ್ ತೆರೆಯುವ ದಿನಾಂಕ
1.	Providing painting to compound wall for surrounding Administrative Building, Examination Block, Guest House and all Grill works of KSLU Premises, Navanagar, Hubballi (Work Indent No. KSLU/2024-25/BD/WORK_INDENT6/CALL-3)	50.00	85,000.00	28.04.2025	29.04.2025	02.05.2025
ಗುತ್ತಿಗೆದಾರರು ಕರ್ನಾಟಕ ಸರ್ಕಾರದ "ಇ-ಪ್ರೊಕ್ಯೂರ್‌ಮೆಂಟ್" https://kppp.karnataka.gov.in ವೆಬ್‌ಸೈಟ್‌ನಲ್ಲಿ ವಿವರಗಳನ್ನು ದಿನಾಂಕ: 17-04-2025 ರಂದು ಸಂಜೆ 4.30 ರಿಂದ ಡೌನ್‌ಲೋಡ್ ಮಾಡಿಕೊಳ್ಳಬಹುದು. ಪ್ರೀ-ಬಿಡ್ ಸಭೆ ದಿನಾಂಕ: 25-04-2025 ರಂದು ಬೆಳಿಗ್ಗೆ 11.00 ಗಂಟೆಗೆ ನಡೆಯಲಿದೆ. ಹೆಚ್ಚಿನ ಮಾಹಿತಿಗಾಗಿ ಕಚೇರಿ ವೇಳೆಯಲ್ಲಿ ಸಂಪರ್ಕಿಸಬಹುದು.
ಸಂಖ್ಯೆ/ಇಲಾಖೆ: 2025-26	ಸಹಿ/- ಕುಲಸಚಿವರು
